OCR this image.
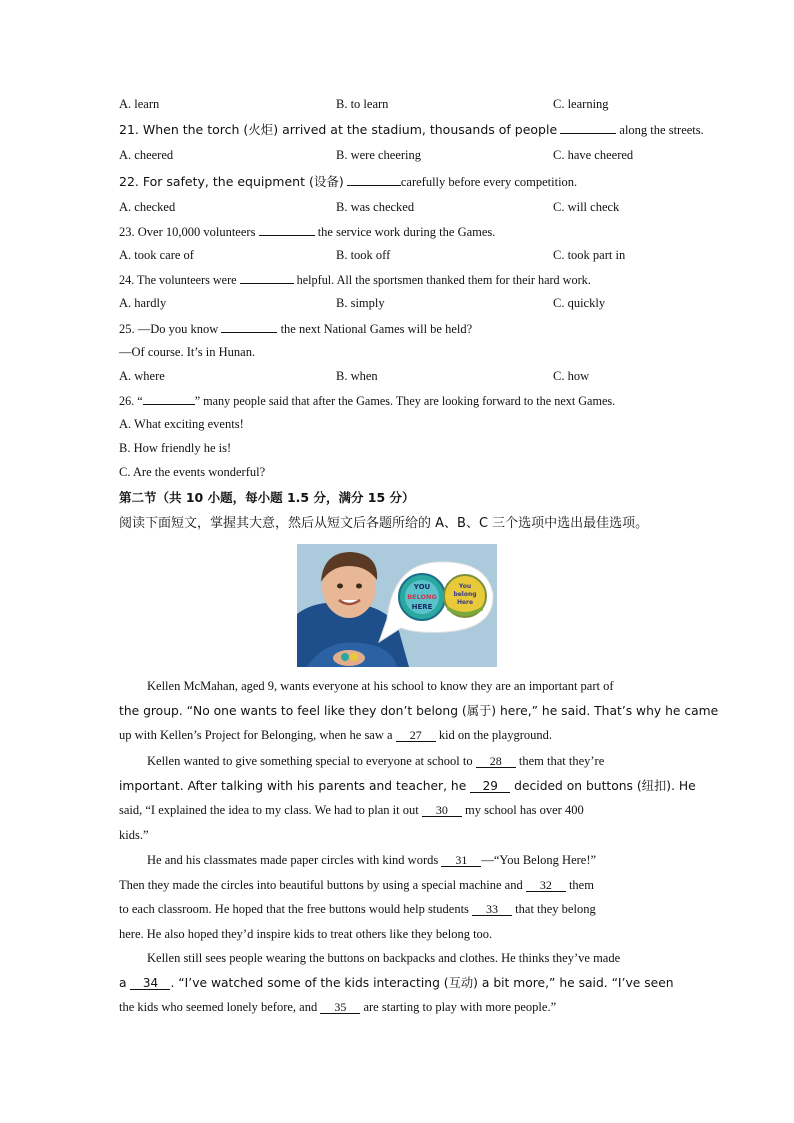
A. learn	B. to learn	C. learning
21. When the torch (火炬) arrived at the stadium, thousands of people	along the streets.
A. cheered	B. were cheering	C. have cheered
22. For safety, the equipment (设备)	carefully before every competition.
A. checked	B. was checked	C. will check
23. Over 10,000 volunteers	the service work during the Games.
A. took care of	B. took off	C. took part in
24. The volunteers were	helpful. All the sportsmen thanked them for their hard work.
A. hardly	B. simply	C. quickly
25. —Do you know	the next National Games will be held?
—Of course. It’s in Hunan.
A. where	B. when	C. how
26. “	” many people said that after the Games. They are looking forward to the next Games.
A. What exciting events!
B. How friendly he is!
C. Are the events wonderful?
第二节（共 10 小题，每小题 1.5 分，满分 15 分）
阅读下面短文，掌握其大意，然后从短文后各题所给的 A、B、C 三个选项中选出最佳选项。
YOU
BELONG
HERE
You
belong
Here
Kellen McMahan, aged 9, wants everyone at his school to know they are an important part of
the group. “No one wants to feel like they don’t belong (属于) here,” he said. That’s why he came
up with Kellen’s Project for Belonging, when he saw a 27 kid on the playground.
Kellen wanted to give something special to everyone at school to 28 them that they’re
important. After talking with his parents and teacher, he 29 decided on buttons (纽扣). He
said, “I explained the idea to my class. We had to plan it out 30 my school has over 400
kids.”
He and his classmates made paper circles with kind words 31 —“You Belong Here!”
Then they made the circles into beautiful buttons by using a special machine and 32 them
to each classroom. He hoped that the free buttons would help students 33 that they belong
here. He also hoped they’d inspire kids to treat others like they belong too.
Kellen still sees people wearing the buttons on backpacks and clothes. He thinks they’ve made
a 34 . “I’ve watched some of the kids interacting (互动) a bit more,” he said. “I’ve seen
the kids who seemed lonely before, and 35 are starting to play with more people.”
